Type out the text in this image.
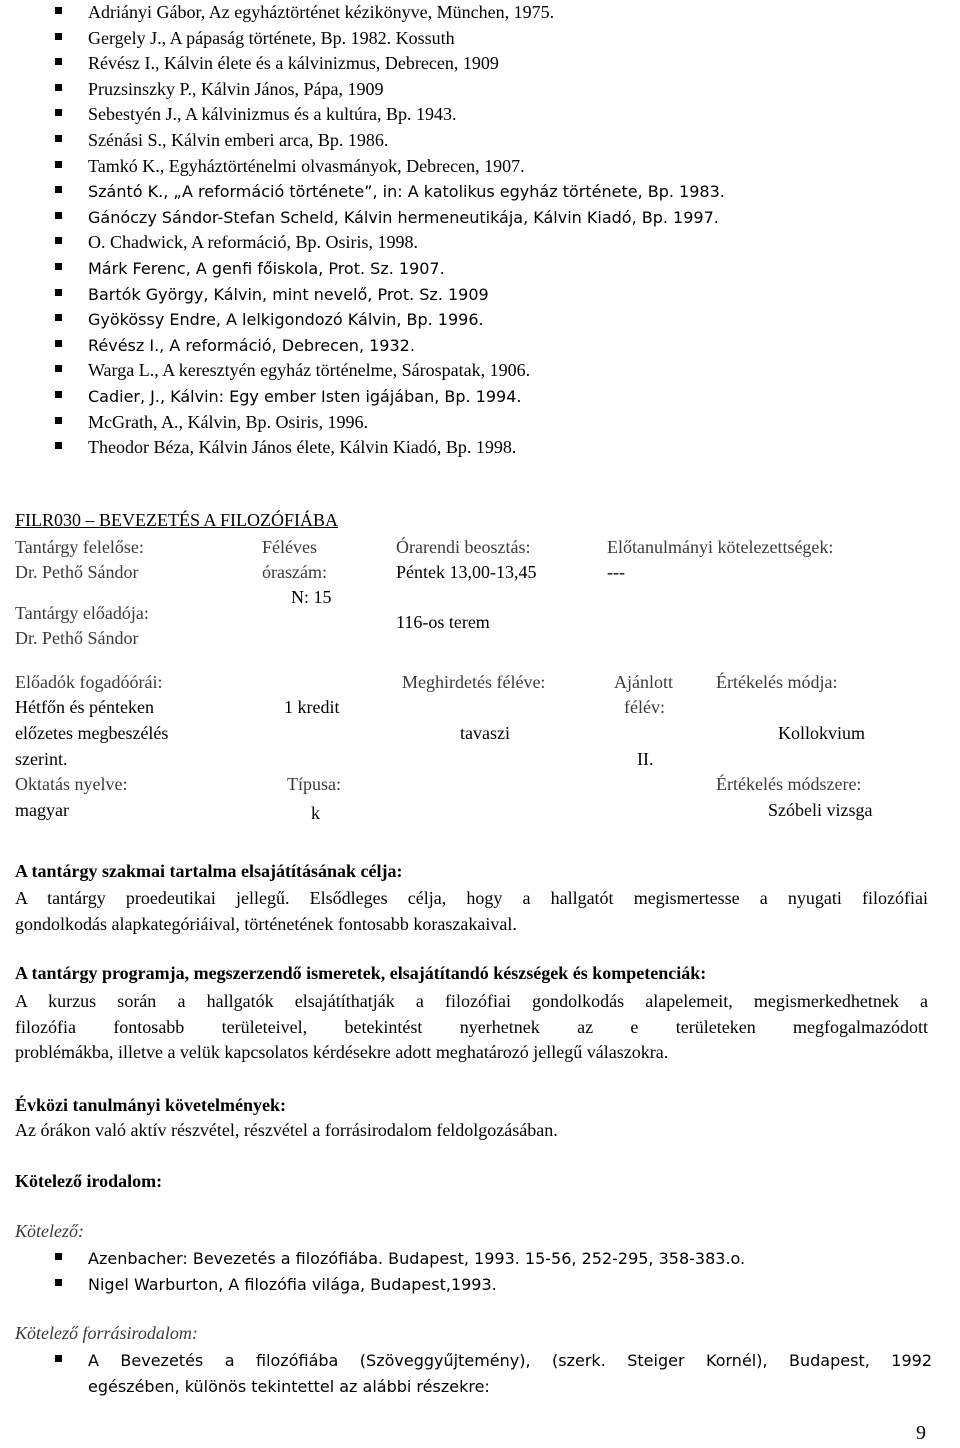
Adriányi Gábor, Az egyháztörténet kézikönyve, München, 1975.
Gergely J., A pápaság története, Bp. 1982. Kossuth
Révész I., Kálvin élete és a kálvinizmus, Debrecen, 1909
Pruzsinszky P., Kálvin János, Pápa, 1909
Sebestyén J., A kálvinizmus és a kultúra, Bp. 1943.
Szénási S., Kálvin emberi arca, Bp. 1986.
Tamkó K., Egyháztörténelmi olvasmányok, Debrecen, 1907.
Szántó K., „A reformáció története”, in: A katolikus egyház története, Bp. 1983.
Gánóczy Sándor-Stefan Scheld, Kálvin hermeneutikája, Kálvin Kiadó, Bp. 1997.
O. Chadwick, A reformáció, Bp. Osiris, 1998.
Márk Ferenc, A genfi főiskola, Prot. Sz. 1907.
Bartók György, Kálvin, mint nevelő, Prot. Sz. 1909
Gyökössy Endre, A lelkigondozó Kálvin, Bp. 1996.
Révész I., A reformáció, Debrecen, 1932.
Warga L., A keresztyén egyház történelme, Sárospatak, 1906.
Cadier, J., Kálvin: Egy ember Isten igájában, Bp. 1994.
McGrath, A., Kálvin, Bp. Osiris, 1996.
Theodor Béza, Kálvin János élete, Kálvin Kiadó, Bp. 1998.
FILR030 – BEVEZETÉS A FILOZÓFIÁBA
Tantárgy felelőse:
Dr. Pethő Sándor
Tantárgy előadója:
Dr. Pethő Sándor
Féléves
óraszám:
N: 15
Órarendi beosztás:
Péntek 13,00-13,45
116-os terem
Előtanulmányi kötelezettségek:
---
Előadók fogadóórái:
Hétfőn és pénteken
előzetes megbeszélés
szerint.
Oktatás nyelve:
magyar
1 kredit
Típusa:
k
Meghirdetés féléve:
tavaszi
Ajánlott
félév:
II.
Értékelés módja:
Kollokvium
Értékelés módszere:
Szóbeli vizsga
A tantárgy szakmai tartalma elsajátításának célja:
A tantárgy proedeutikai jellegű. Elsődleges célja, hogy a hallgatót megismertesse a nyugati filozófiai
gondolkodás alapkategóriáival, történetének fontosabb koraszakaival.
A tantárgy programja, megszerzendő ismeretek, elsajátítandó készségek és kompetenciák:
A kurzus során a hallgatók elsajátíthatják a filozófiai gondolkodás alapelemeit, megismerkedhetnek a
filozófia fontosabb területeivel, betekintést nyerhetnek az e területeken megfogalmazódott
problémákba, illetve a velük kapcsolatos kérdésekre adott meghatározó jellegű válaszokra.
Évközi tanulmányi követelmények:
Az órákon való aktív részvétel, részvétel a forrásirodalom feldolgozásában.
Kötelező irodalom:
Kötelező:
Azenbacher: Bevezetés a filozófiába. Budapest, 1993. 15-56, 252-295, 358-383.o.
Nigel Warburton, A filozófia világa, Budapest,1993.
Kötelező forrásirodalom:
A Bevezetés a filozófiába (Szöveggyűjtemény), (szerk. Steiger Kornél), Budapest, 1992
egészében, különös tekintettel az alábbi részekre:
9
